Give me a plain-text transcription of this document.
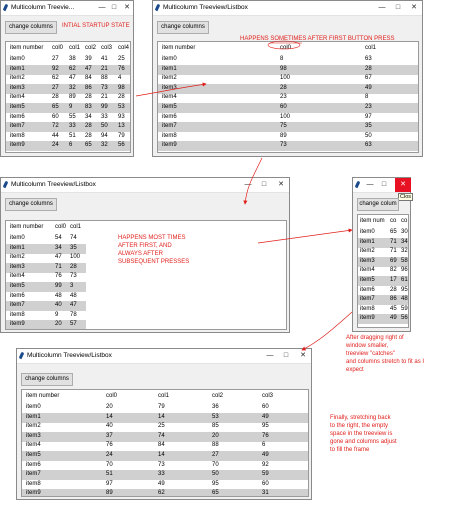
Multicolumn Treevie...	— □	✕
change columns
item number col0 col1 col2 col3 col4
item0	27 38 39 41 25
item1	92 62 47 21 76
item2	62 47 84 88 4
item3	27 32 86 73 98
item4	28 89 28 21 28
item5	65 9 83 99 53
item6	60 55 34 33 93
item7	72 33 28 50 13
item8	44 51 28 94 79
item9	24 6 65 32 56
INTIAL STARTUP STATE
Multicolumn Treeview/Listbox	—	□	✕
change columns
item number	col0	col1
item0	8	63
item1	98	28
item2	100	67
item3	28	49
item4	23	8
item5	60	23
item6	100	97
item7	75	35
item8	89	50
item9	73	63
HAPPENS SOMETIMES AFTER FIRST BUTTON PRESS
Multicolumn Treeview/Listbox	—	□	✕
change columns
item number col0 col1
item0	54 74
item1	34 35
item2	47 100
item3	71 28
item4	76 73
item5	99 3
item6	48 48
item7	40 47
item8	9 78
item9	20 57
HAPPENS MOST TIMES
AFTER FIRST, AND
ALWAYS AFTER
SUBSEQUENT PRESSES
—	□	✕
Clos
change colum
item num co co
item0	65 30
item1	71 34
item2	71 32
item3	69 58
item4	82 96
item5	17 61
item6	28 95
item7	86 48
item8	45 59
item9	49 56
After dragging right of
window smaller,
treeview "catches"
and columns stretch to fit as I
expect
Multicolumn Treeview/Listbox	—	□	✕
change columns
item number	col0	col1	col2	col3
item0	20	79	36	60
item1	14	14	53	49
item2	40	25	85	95
item3	37	74	20	76
item4	76	84	88	6
item5	24	14	27	49
item6	70	73	70	92
item7	51	33	50	59
item8	97	49	95	60
item9	89	62	65	31
Finally, stretching back
to the right, the empty
space in the treeview is
gone and columns adjust
to fill the frame
